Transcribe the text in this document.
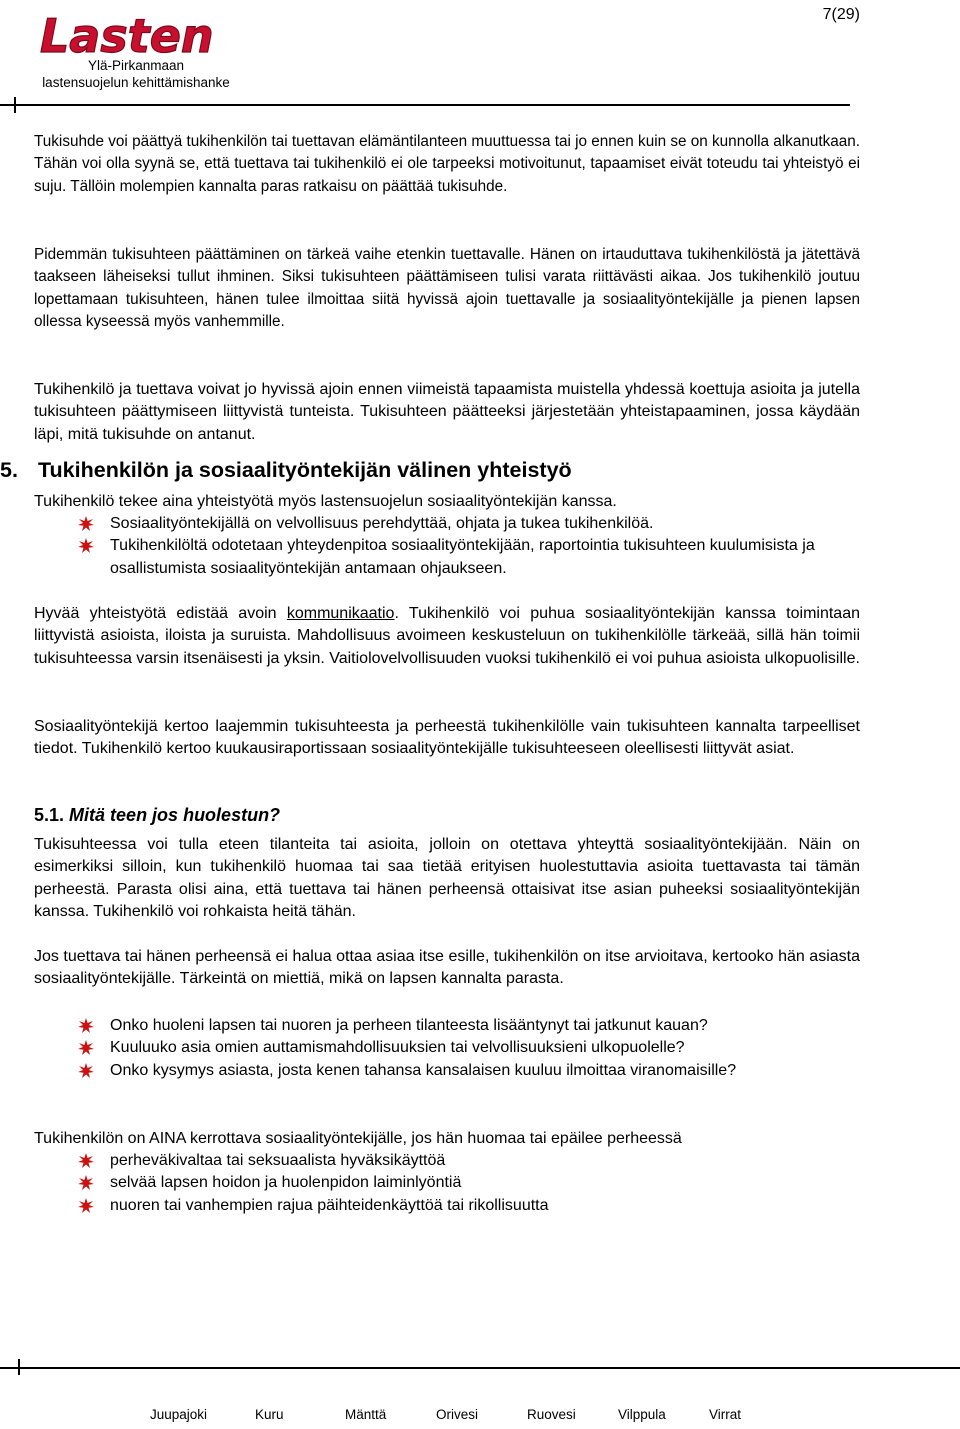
Lasten
Ylä-Pirkanmaan
lastensuojelun kehittämishanke
7(29)

Tukisuhde voi päättyä tukihenkilön tai tuettavan elämäntilanteen muuttuessa tai jo ennen kuin se on kunnolla alkanutkaan. Tähän voi olla syynä se, että tuettava tai tukihenkilö ei ole tarpeeksi motivoitunut, tapaamiset eivät toteudu tai yhteistyö ei suju. Tällöin molempien kannalta paras ratkaisu on päättää tukisuhde.

Pidemmän tukisuhteen päättäminen on tärkeä vaihe etenkin tuettavalle. Hänen on irtauduttava tukihenkilöstä ja jätettävä taakseen läheiseksi tullut ihminen. Siksi tukisuhteen päättämiseen tulisi varata riittävästi aikaa. Jos tukihenkilö joutuu lopettamaan tukisuhteen, hänen tulee ilmoittaa siitä hyvissä ajoin tuettavalle ja sosiaalityöntekijälle ja pienen lapsen ollessa kyseessä myös vanhemmille.

Tukihenkilö ja tuettava voivat jo hyvissä ajoin ennen viimeistä tapaamista muistella yhdessä koettuja asioita ja jutella tukisuhteen päättymiseen liittyvistä tunteista. Tukisuhteen päätteeksi järjestetään yhteistapaaminen, jossa käydään läpi, mitä tukisuhde on antanut.

5. Tukihenkilön ja sosiaalityöntekijän välinen yhteistyö

Tukihenkilö tekee aina yhteistyötä myös lastensuojelun sosiaalityöntekijän kanssa.

Sosiaalityöntekijällä on velvollisuus perehdyttää, ohjata ja tukea tukihenkilöä.
Tukihenkilöltä odotetaan yhteydenpitoa sosiaalityöntekijään, raportointia tukisuhteen kuulumisista ja osallistumista sosiaalityöntekijän antamaan ohjaukseen.

Hyvää yhteistyötä edistää avoin kommunikaatio. Tukihenkilö voi puhua sosiaalityöntekijän kanssa toimintaan liittyvistä asioista, iloista ja suruista. Mahdollisuus avoimeen keskusteluun on tukihenkilölle tärkeää, sillä hän toimii tukisuhteessa varsin itsenäisesti ja yksin. Vaitiolovelvollisuuden vuoksi tukihenkilö ei voi puhua asioista ulkopuolisille.

Sosiaalityöntekijä kertoo laajemmin tukisuhteesta ja perheestä tukihenkilölle vain tukisuhteen kannalta tarpeelliset tiedot. Tukihenkilö kertoo kuukausiraportissaan sosiaalityöntekijälle tukisuhteeseen oleellisesti liittyvät asiat.

5.1. Mitä teen jos huolestun?

Tukisuhteessa voi tulla eteen tilanteita tai asioita, jolloin on otettava yhteyttä sosiaalityöntekijään. Näin on esimerkiksi silloin, kun tukihenkilö huomaa tai saa tietää erityisen huolestuttavia asioita tuettavasta tai tämän perheestä. Parasta olisi aina, että tuettava tai hänen perheensä ottaisivat itse asian puheeksi sosiaalityöntekijän kanssa. Tukihenkilö voi rohkaista heitä tähän.

Jos tuettava tai hänen perheensä ei halua ottaa asiaa itse esille, tukihenkilön on itse arvioitava, kertooko hän asiasta sosiaalityöntekijälle. Tärkeintä on miettiä, mikä on lapsen kannalta parasta.

Onko huoleni lapsen tai nuoren ja perheen tilanteesta lisääntynyt tai jatkunut kauan?
Kuuluuko asia omien auttamismahdollisuuksien tai velvollisuuksieni ulkopuolelle?
Onko kysymys asiasta, josta kenen tahansa kansalaisen kuuluu ilmoittaa viranomaisille?

Tukihenkilön on AINA kerrottava sosiaalityöntekijälle, jos hän huomaa tai epäilee perheessä

perheväkivaltaa tai seksuaalista hyväksikäyttöä
selvää lapsen hoidon ja huolenpidon laiminlyöntiä
nuoren tai vanhempien rajua päihteidenkäyttöä tai rikollisuutta
Juupajoki	Kuru	Mänttä	Orivesi	Ruovesi	Vilppula	Virrat
